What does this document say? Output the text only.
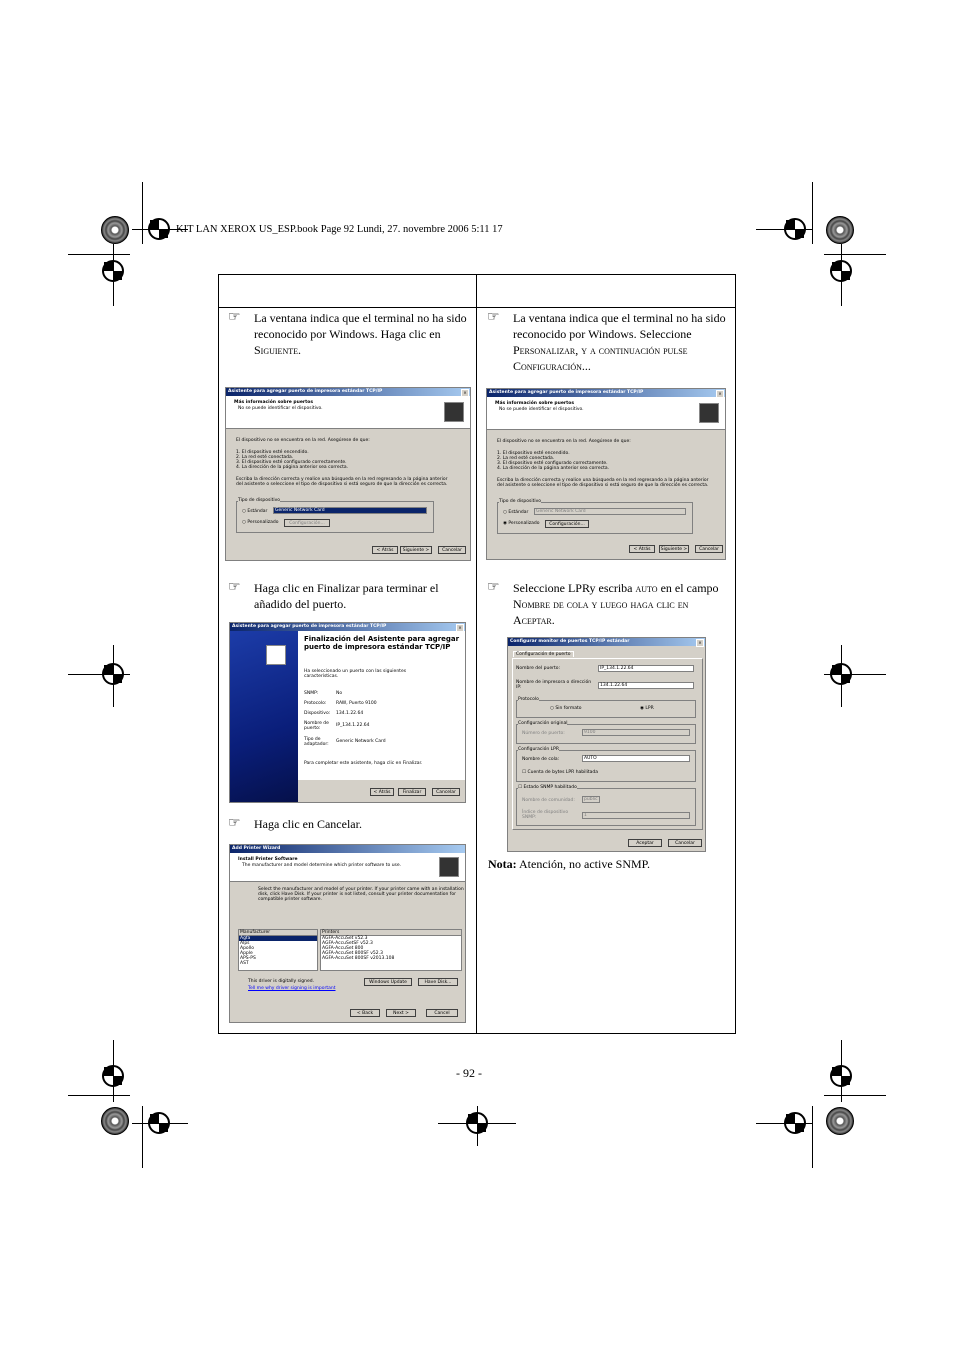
KIT LAN XEROX US_ESP.book Page 92 Lundi, 27. novembre 2006 5:11 17
☞ La ventana indica que el terminal no ha sido
reconocido por Windows. Haga clic en
Siguiente.
Asistente para agregar puerto de impresora estándar TCP/IP	×
Más información sobre puertos
No se puede identificar el dispositivo.
El dispositivo no se encuentra en la red. Asegúrese de que:
1. El dispositivo esté encendido.
2. La red esté conectada.
3. El dispositivo esté configurado correctamente.
4. La dirección de la página anterior sea correcta.
Escriba la dirección correcta y realice una búsqueda en la red regresando a la página anterior
del asistente o seleccione el tipo de dispositivo si está seguro de que la dirección es correcta.
Tipo de dispositivo
○ Estándar	Generic Network Card
○ Personalizado	Configuración...
< Atrás	Siguiente >	Cancelar
☞ Haga clic en Finalizar para terminar el
añadido del puerto.
Asistente para agregar puerto de impresora estándar TCP/IP	×
Finalización del Asistente para agregar
puerto de impresora estándar TCP/IP
Ha seleccionado un puerto con las siguientes
características.
SNMP:	No
Protocolo: RAW, Puerto 9100
Dispositivo: 134.1.22.64
Nombre de puerto:
IP_134.1.22.64
Tipo de adaptador:
Generic Network Card
Para completar este asistente, haga clic en Finalizar.
< Atrás	Finalizar	Cancelar
☞ Haga clic en Cancelar.
Add Printer Wizard
Install Printer Software
The manufacturer and model determine which printer software to use.
Select the manufacturer and model of your printer. If your printer came with an installation
disk, click Have Disk. If your printer is not listed, consult your printer documentation for
compatible printer software.
Manufacturer
Agfa
Alps
Apollo
Apple
APS-PS
AST
Printers
AGFA-AccuSet v52.3
AGFA-AccuSetSF v52.3
AGFA-AccuSet 800
AGFA-AccuSet 800SF v52.3
AGFA-AccuSet 800SF v2013.108
This driver is digitally signed.
Tell me why driver signing is important
Windows Update	Have Disk...
< Back	Next >	Cancel
☞ La ventana indica que el terminal no ha sido
reconocido por Windows. Seleccione
Personalizar, y a continuación pulse
Configuración...
Asistente para agregar puerto de impresora estándar TCP/IP	×
Más información sobre puertos
No se puede identificar el dispositivo.
El dispositivo no se encuentra en la red. Asegúrese de que:
1. El dispositivo esté encendido.
2. La red esté conectada.
3. El dispositivo esté configurado correctamente.
4. La dirección de la página anterior sea correcta.
Escriba la dirección correcta y realice una búsqueda en la red regresando a la página anterior
del asistente o seleccione el tipo de dispositivo si está seguro de que la dirección es correcta.
Tipo de dispositivo
○ Estándar	Generic Network Card
◉ Personalizado	Configuración...
< Atrás	Siguiente >	Cancelar
☞ Seleccione LPRy escriba auto en el campo
Nombre de cola y luego haga clic en
Aceptar.
Configurar monitor de puertos TCP/IP estándar	×
Configuración de puerto
Nombre del puerto:	IP_134.1.22.64
Nombre de impresora o dirección IP:	134.1.22.64
Protocolo
○ Sin formato	◉ LPR
Configuración original
Número de puerto:	9100
Configuración LPR
Nombre de cola:	AUTO
☐ Cuenta de bytes LPR habilitada
☐ Estado SNMP habilitado
Nombre de comunidad:	public
Índice de dispositivo SNMP:	1
Aceptar	Cancelar
Nota: Atención, no active SNMP.
- 92 -
